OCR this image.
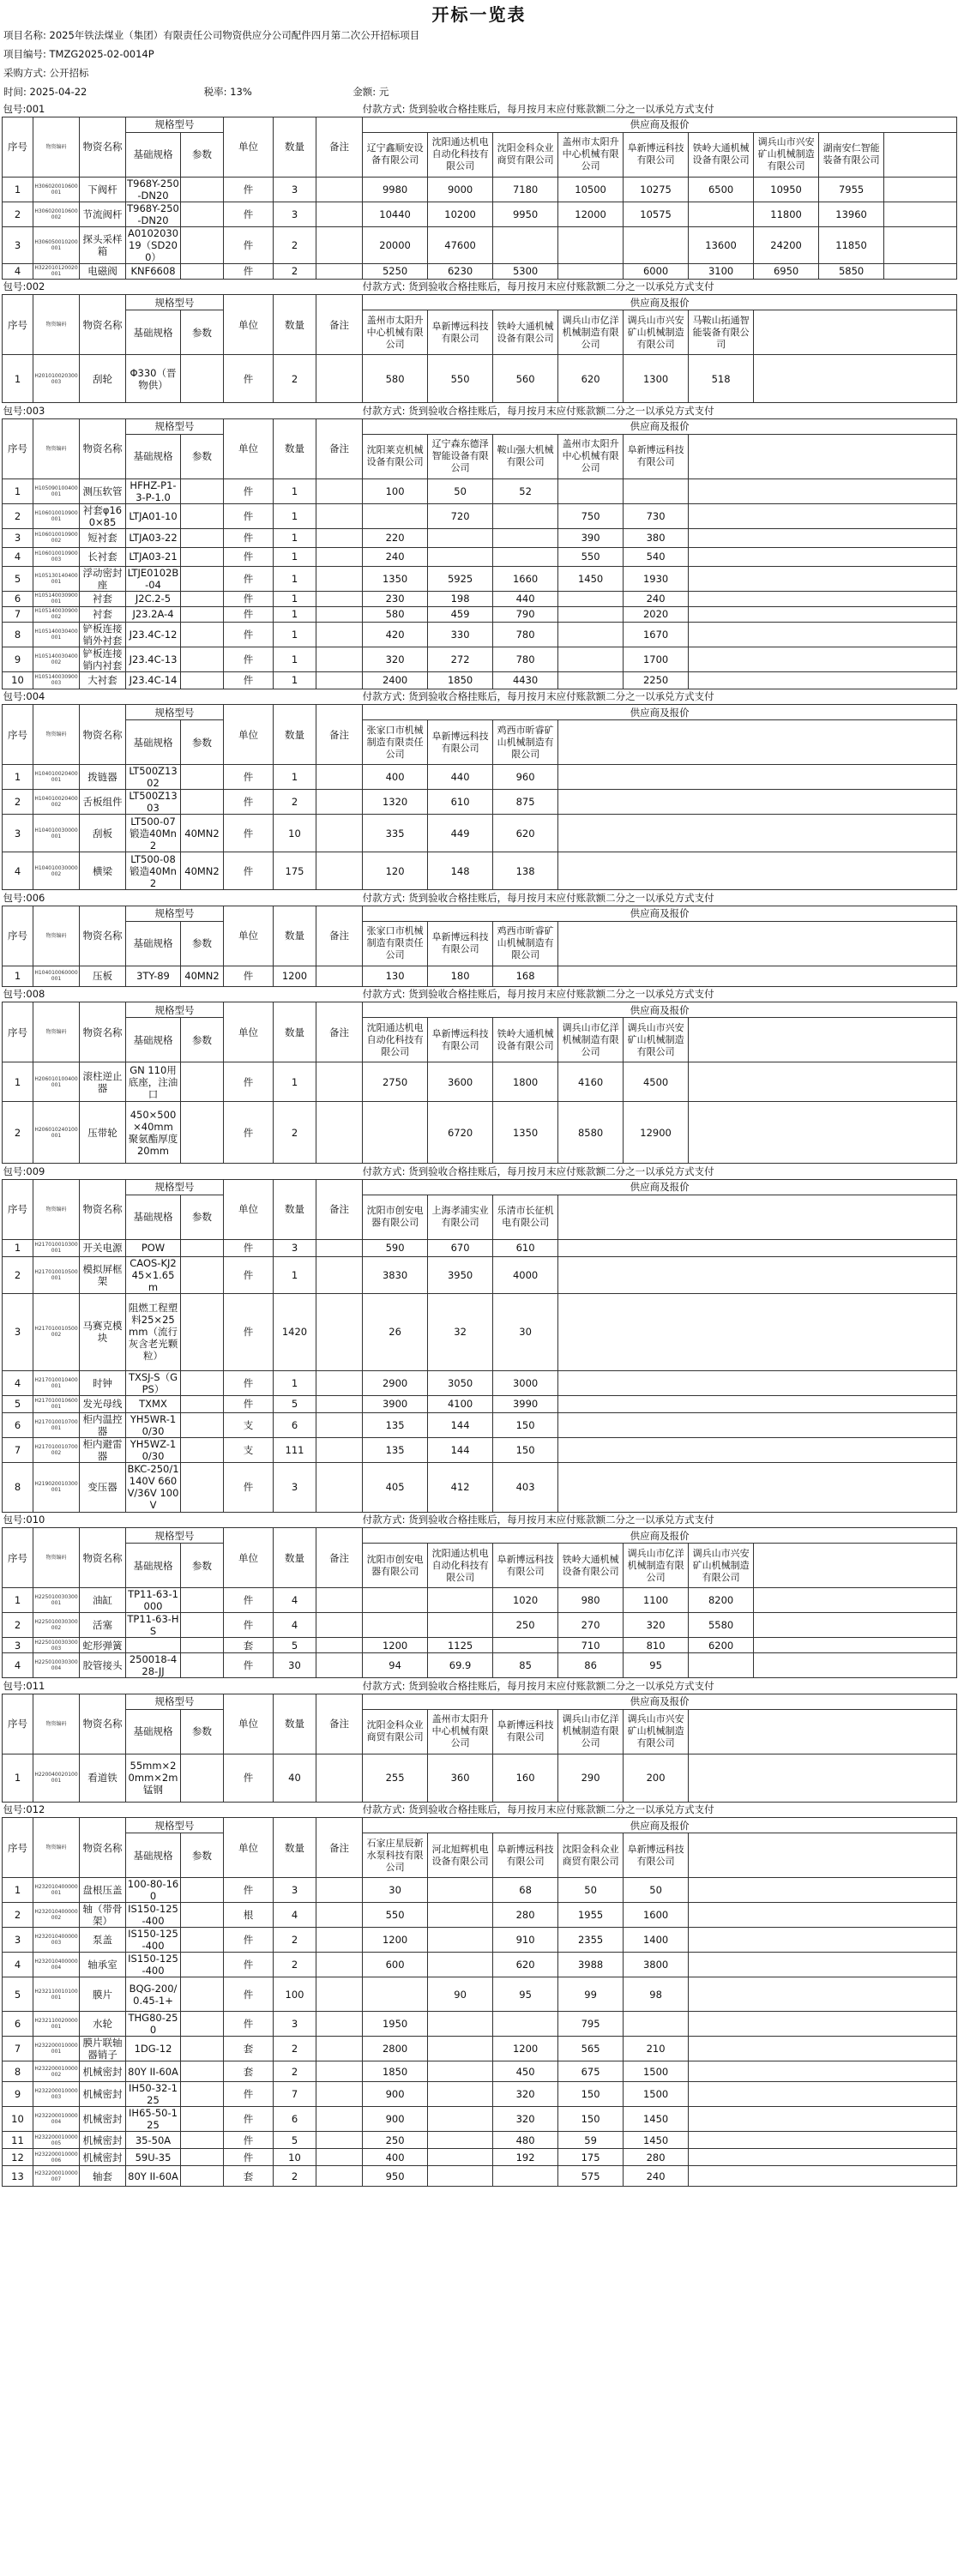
开标一览表
项目名称: 2025年铁法煤业（集团）有限责任公司物资供应分公司配件四月第二次公开招标项目
项目编号: TMZG2025-02-0014P
采购方式: 公开招标
时间: 2025-04-22	税率: 13%	金额: 元
包号:001								付款方式: 货到验收合格挂账后，每月按月末应付账款额二分之一以承兑方式支付								
序号	物资编码	物资名称	规格型号		单位	数量	备注	供应商及报价								
			基础规格	参数				辽宁鑫顺安设备有限公司	沈阳通达机电自动化科技有限公司	沈阳金科众业商贸有限公司	盖州市太阳升中心机械有限公司	阜新博远科技有限公司	铁岭大通机械设备有限公司	调兵山市兴安矿山机械制造有限公司	湖南安仁智能装备有限公司	
1	H306020010600001	下阀杆	T968Y-250-DN20		件	3		9980	9000	7180	10500	10275	6500	10950	7955	
2	H306020010600002	节流阀杆	T968Y-250-DN20		件	3		10440	10200	9950	12000	10575		11800	13960	
3	H306050010200001	探头采样箱	A010203019（SD200）		件	2		20000	47600				13600	24200	11850	
4	H322010120020001	电磁阀	KNF6608		件	2		5250	6230	5300		6000	3100	6950	5850	
包号:002								付款方式: 货到验收合格挂账后，每月按月末应付账款额二分之一以承兑方式支付						
序号	物资编码	物资名称	规格型号		单位	数量	备注	供应商及报价						
			基础规格	参数				盖州市太阳升中心机械有限公司	阜新博远科技有限公司	铁岭大通机械设备有限公司	调兵山市亿洋机械制造有限公司	调兵山市兴安矿山机械制造有限公司	马鞍山拓通智能装备有限公司	
1	H201010020300003	刮轮	Φ330（晋物供）		件	2		580	550	560	620	1300	518	
包号:003								付款方式: 货到验收合格挂账后，每月按月末应付账款额二分之一以承兑方式支付					
序号	物资编码	物资名称	规格型号		单位	数量	备注	供应商及报价					
			基础规格	参数				沈阳莱克机械设备有限公司	辽宁森东德泽智能设备有限公司	鞍山强大机械有限公司	盖州市太阳升中心机械有限公司	阜新博远科技有限公司	
1	H105090100400001	测压软管	HFHZ-P1-3-P-1.0		件	1		100	50	52			
2	H106010010900001	衬套φ160×85	LTJA01-10		件	1			720		750	730	
3	H106010010900002	短衬套	LTJA03-22		件	1		220			390	380	
4	H106010010900003	长衬套	LTJA03-21		件	1		240			550	540	
5	H105130140400001	浮动密封座	LTJE0102B-04		件	1		1350	5925	1660	1450	1930	
6	H105140030900001	衬套	J2C.2-5		件	1		230	198	440		240	
7	H105140030900002	衬套	J23.2A-4		件	1		580	459	790		2020	
8	H105140030400001	铲板连接销外衬套	J23.4C-12		件	1		420	330	780		1670	
9	H105140030400002	铲板连接销内衬套	J23.4C-13		件	1		320	272	780		1700	
10	H105140030900003	大衬套	J23.4C-14		件	1		2400	1850	4430		2250	
包号:004								付款方式: 货到验收合格挂账后，每月按月末应付账款额二分之一以承兑方式支付			
序号	物资编码	物资名称	规格型号		单位	数量	备注	供应商及报价			
			基础规格	参数				张家口市机械制造有限责任公司	阜新博远科技有限公司	鸡西市昕睿矿山机械制造有限公司	
1	H104010020400001	拨链器	LT500Z1302		件	1		400	440	960	
2	H104010020400002	舌板组件	LT500Z1303		件	2		1320	610	875	
3	H104010030000001	刮板	LT500-07锻造40Mn2	40MN2	件	10		335	449	620	
4	H104010030000002	横梁	LT500-08锻造40Mn2	40MN2	件	175		120	148	138	
包号:006								付款方式: 货到验收合格挂账后，每月按月末应付账款额二分之一以承兑方式支付			
序号	物资编码	物资名称	规格型号		单位	数量	备注	供应商及报价			
			基础规格	参数				张家口市机械制造有限责任公司	阜新博远科技有限公司	鸡西市昕睿矿山机械制造有限公司	
1	H104010060000001	压板	3TY-89	40MN2	件	1200		130	180	168	
包号:008								付款方式: 货到验收合格挂账后，每月按月末应付账款额二分之一以承兑方式支付					
序号	物资编码	物资名称	规格型号		单位	数量	备注	供应商及报价					
			基础规格	参数				沈阳通达机电自动化科技有限公司	阜新博远科技有限公司	铁岭大通机械设备有限公司	调兵山市亿洋机械制造有限公司	调兵山市兴安矿山机械制造有限公司	
1	H206010100400001	滚柱逆止器	GN 110用底座，注油口		件	1		2750	3600	1800	4160	4500	
2	H206010240100001	压带轮	450×500×40mm 聚氨酯厚度20mm		件	2			6720	1350	8580	12900	
包号:009								付款方式: 货到验收合格挂账后，每月按月末应付账款额二分之一以承兑方式支付			
序号	物资编码	物资名称	规格型号		单位	数量	备注	供应商及报价			
			基础规格	参数				沈阳市创安电器有限公司	上海孝浦实业有限公司	乐清市长征机电有限公司	
1	H217010010300001	开关电源	POW		件	3		590	670	610	
2	H217010010500001	模拟屏框架	CAOS-KJ2 45×1.65m		件	1		3830	3950	4000	
3	H217010010500002	马赛克模块	阻燃工程塑料25×25mm（流行灰含老光颗粒）		件	1420		26	32	30	
4	H217010010400001	时钟	TXSJ-S（GPS）		件	1		2900	3050	3000	
5	H217010010600001	发光母线	TXMX		件	5		3900	4100	3990	
6	H217010010700001	柜内温控器	YH5WR-10/30		支	6		135	144	150	
7	H217010010700002	柜内避雷器	YH5WZ-10/30		支	111		135	144	150	
8	H219020010300001	变压器	BKC-250/1140V 660V/36V 100V		件	3		405	412	403	
包号:010								付款方式: 货到验收合格挂账后，每月按月末应付账款额二分之一以承兑方式支付						
序号	物资编码	物资名称	规格型号		单位	数量	备注	供应商及报价						
			基础规格	参数				沈阳市创安电器有限公司	沈阳通达机电自动化科技有限公司	阜新博远科技有限公司	铁岭大通机械设备有限公司	调兵山市亿洋机械制造有限公司	调兵山市兴安矿山机械制造有限公司	
1	H225010030300001	油缸	TP11-63-1000		件	4				1020	980	1100	8200	
2	H225010030300002	活塞	TP11-63-HS		件	4				250	270	320	5580	
3	H225010030300003	蛇形弹簧			套	5		1200	1125		710	810	6200	
4	H225010030300004	胶管接头	250018-428-JJ		件	30		94	69.9	85	86	95		
包号:011								付款方式: 货到验收合格挂账后，每月按月末应付账款额二分之一以承兑方式支付					
序号	物资编码	物资名称	规格型号		单位	数量	备注	供应商及报价					
			基础规格	参数				沈阳金科众业商贸有限公司	盖州市太阳升中心机械有限公司	阜新博远科技有限公司	调兵山市亿洋机械制造有限公司	调兵山市兴安矿山机械制造有限公司	
1	H220040020100001	看道铁	55mm×20mm×2m锰钢		件	40		255	360	160	290	200	
包号:012								付款方式: 货到验收合格挂账后，每月按月末应付账款额二分之一以承兑方式支付					
序号	物资编码	物资名称	规格型号		单位	数量	备注	供应商及报价					
			基础规格	参数				石家庄星辰新水泵科技有限公司	河北旭辉机电设备有限公司	阜新博远科技有限公司	沈阳金科众业商贸有限公司	阜新博远科技有限公司	
1	H232010400000001	盘根压盖	100-80-160		件	3		30		68	50	50	
2	H232010400000002	轴（带骨架）	IS150-125-400		根	4		550		280	1955	1600	
3	H232010400000003	泵盖	IS150-125-400		件	2		1200		910	2355	1400	
4	H232010400000004	轴承室	IS150-125-400		件	2		600		620	3988	3800	
5	H232110010100001	膜片	BQG-200/0.45-1+		件	100			90	95	99	98	
6	H232110020000001	水轮	THG80-250		件	3		1950			795		
7	H232200010000001	膜片联轴器销子	1DG-12		套	2		2800		1200	565	210	
8	H232200010000002	机械密封	80Y II-60A		套	2		1850		450	675	1500	
9	H232200010000003	机械密封	IH50-32-125		件	7		900		320	150	1500	
10	H232200010000004	机械密封	IH65-50-125		件	6		900		320	150	1450	
11	H232200010000005	机械密封	35-50A		件	5		250		480	59	1450	
12	H232200010000006	机械密封	59U-35		件	10		400		192	175	280	
13	H232200010000007	轴套	80Y II-60A		套	2		950			575	240	
